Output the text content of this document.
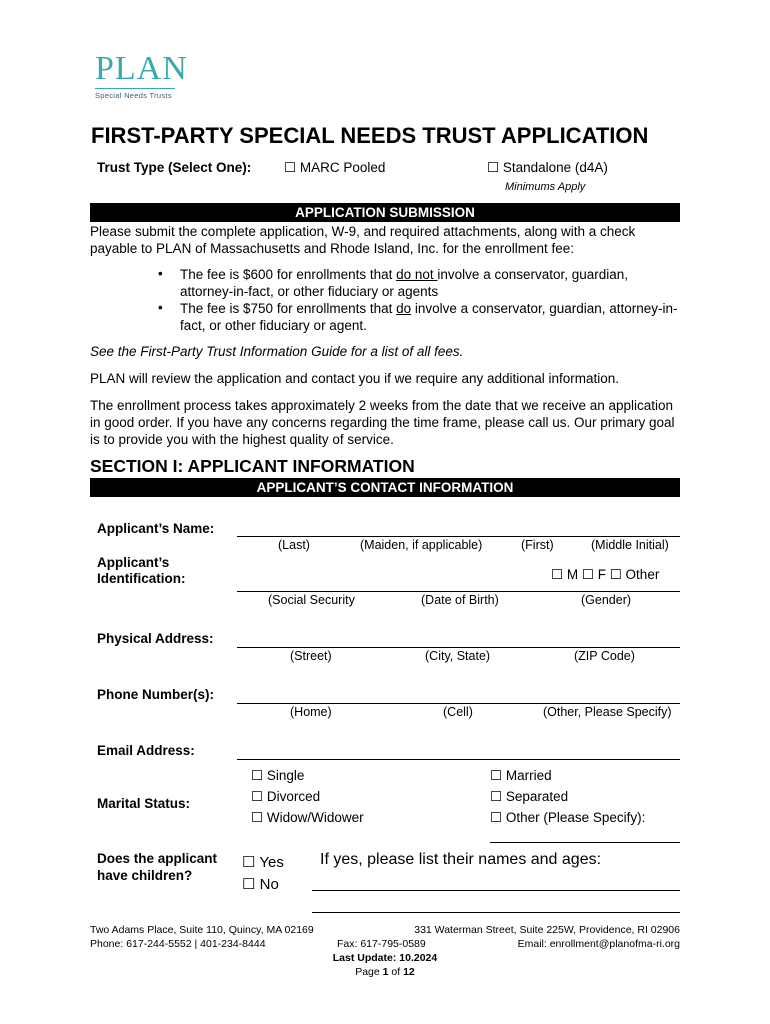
PLAN
Special Needs Trusts
FIRST-PARTY SPECIAL NEEDS TRUST APPLICATION
Trust Type (Select One): ☐ MARC Pooled	☐ Standalone (d4A)
Minimums Apply
APPLICATION SUBMISSION
Please submit the complete application, W-9, and required attachments, along with a check payable to PLAN of Massachusetts and Rhode Island, Inc. for the enrollment fee:
• The fee is $600 for enrollments that do not involve a conservator, guardian, attorney-in-fact, or other fiduciary or agents
• The fee is $750 for enrollments that do involve a conservator, guardian, attorney-in-fact, or other fiduciary or agent.
See the First-Party Trust Information Guide for a list of all fees.
PLAN will review the application and contact you if we require any additional information.
The enrollment process takes approximately 2 weeks from the date that we receive an application in good order. If you have any concerns regarding the time frame, please call us. Our primary goal is to provide you with the highest quality of service.
SECTION I: APPLICANT INFORMATION
APPLICANT’S CONTACT INFORMATION
Applicant’s Name:
(Last)	(Maiden, if applicable)	(First)	(Middle Initial)
Applicant’s
Identification:	☐ M ☐ F ☐ Other
(Social Security	(Date of Birth)	(Gender)
Physical Address:
(Street)	(City, State)	(ZIP Code)
Phone Number(s):
(Home)	(Cell)	(Other, Please Specify)
Email Address:
Marital Status:
☐ Single
☐ Divorced
☐ Widow/Widower
☐ Married
☐ Separated
☐ Other (Please Specify):
Does the applicant
have children?
☐ Yes
☐ No
If yes, please list their names and ages:
Two Adams Place, Suite 110, Quincy, MA 02169	331 Waterman Street, Suite 225W, Providence, RI 02906
Phone: 617-244-5552 | 401-234-8444	Fax: 617-795-0589	Email: enrollment@planofma-ri.org
Last Update: 10.2024
Page 1 of 12
